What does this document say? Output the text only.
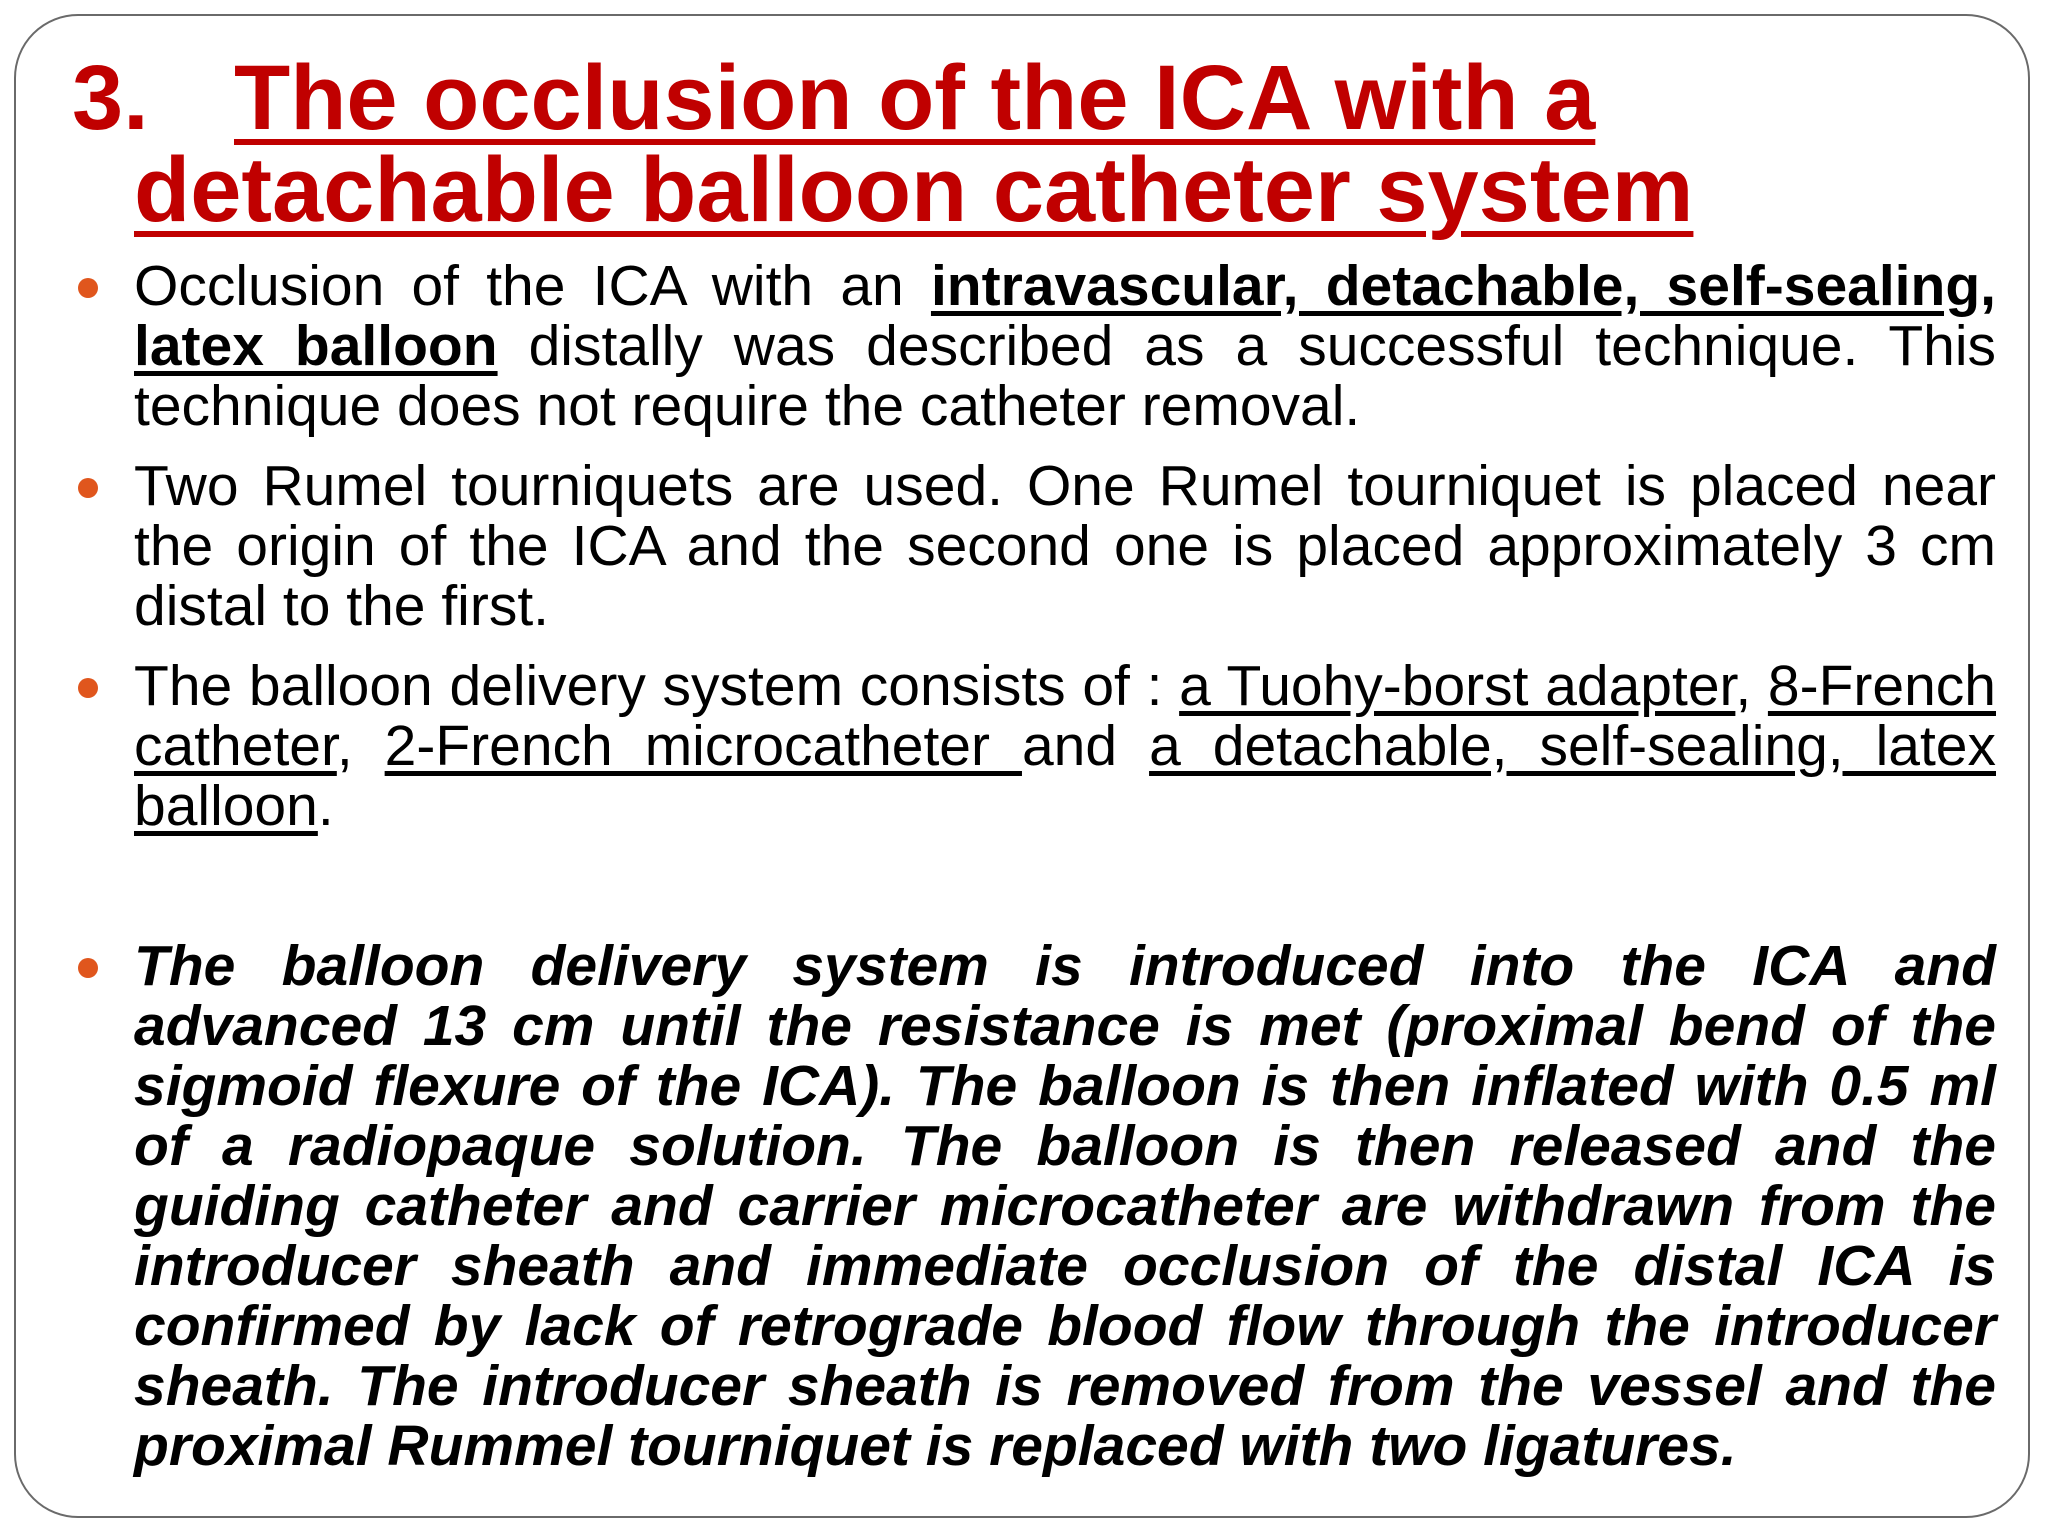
3. The occlusion of the ICA with a
detachable balloon catheter system
Occlusion of the ICA with an intravascular, detachable, self-sealing, latex balloon distally was described as a successful technique. This technique does not require the catheter removal.
Two Rumel tourniquets are used. One Rumel tourniquet is placed near the origin of the ICA and the second one is placed approximately 3 cm distal to the first.
The balloon delivery system consists of : a Tuohy-borst adapter, 8-French catheter, 2-French microcatheter and a detachable, self-sealing, latex balloon.
The balloon delivery system is introduced into the ICA and advanced 13 cm until the resistance is met (proximal bend of the sigmoid flexure of the ICA). The balloon is then inflated with 0.5 ml of a radiopaque solution. The balloon is then released and the guiding catheter and carrier microcatheter are withdrawn from the introducer sheath and immediate occlusion of the distal ICA is confirmed by lack of retrograde blood flow through the introducer sheath. The introducer sheath is removed from the vessel and the proximal Rummel tourniquet is replaced with two ligatures.
